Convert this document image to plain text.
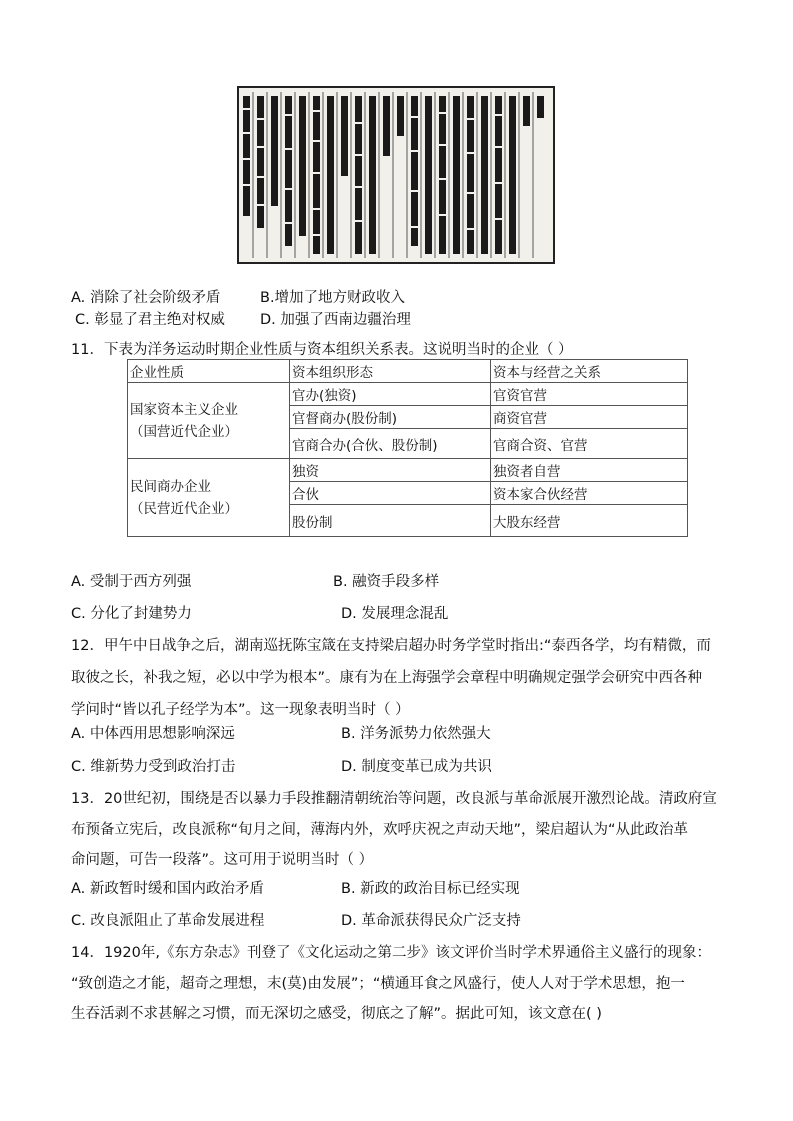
A. 消除了社会阶级矛盾	B.增加了地方财政收入
C. 彰显了君主绝对权威 D. 加强了西南边疆治理
11．下表为洋务运动时期企业性质与资本组织关系表。这说明当时的企业（ ）
企业性质	资本组织形态	资本与经营之关系

国家资本主义企业
（国营近代企业）	官办(独资)	官资官营
	官督商办(股份制)	商资官营
	官商合办(合伙、股份制)	官商合资、官营

民间商办企业
（民营近代企业）	独资	独资者自营
	合伙	资本家合伙经营
	股份制	大股东经营
A. 受制于西方列强	B. 融资手段多样
C. 分化了封建势力	D. 发展理念混乱
12．甲午中日战争之后，湖南巡抚陈宝箴在支持梁启超办时务学堂时指出:“泰西各学，均有精微，而
取彼之长，补我之短，必以中学为根本”。康有为在上海强学会章程中明确规定强学会研究中西各种
学问时“皆以孔子经学为本”。这一现象表明当时（ ）
A. 中体西用思想影响深远	B. 洋务派势力依然强大
C. 维新势力受到政治打击	D. 制度变革已成为共识
13．20世纪初，围绕是否以暴力手段推翻清朝统治等问题，改良派与革命派展开激烈论战。清政府宣
布预备立宪后，改良派称“旬月之间，薄海内外，欢呼庆祝之声动天地”，梁启超认为“从此政治革
命问题，可告一段落”。这可用于说明当时（ ）
A. 新政暂时缓和国内政治矛盾	B. 新政的政治目标已经实现
C. 改良派阻止了革命发展进程	D. 革命派获得民众广泛支持
14．1920年,《东方杂志》刊登了《文化运动之第二步》该文评价当时学术界通俗主义盛行的现象：
“致创造之才能，超奇之理想，末(莫)由发展”；“横通耳食之风盛行，使人人对于学术思想，抱一
生吞活剥不求甚解之习惯，而无深切之感受，彻底之了解”。据此可知，该文意在( )
